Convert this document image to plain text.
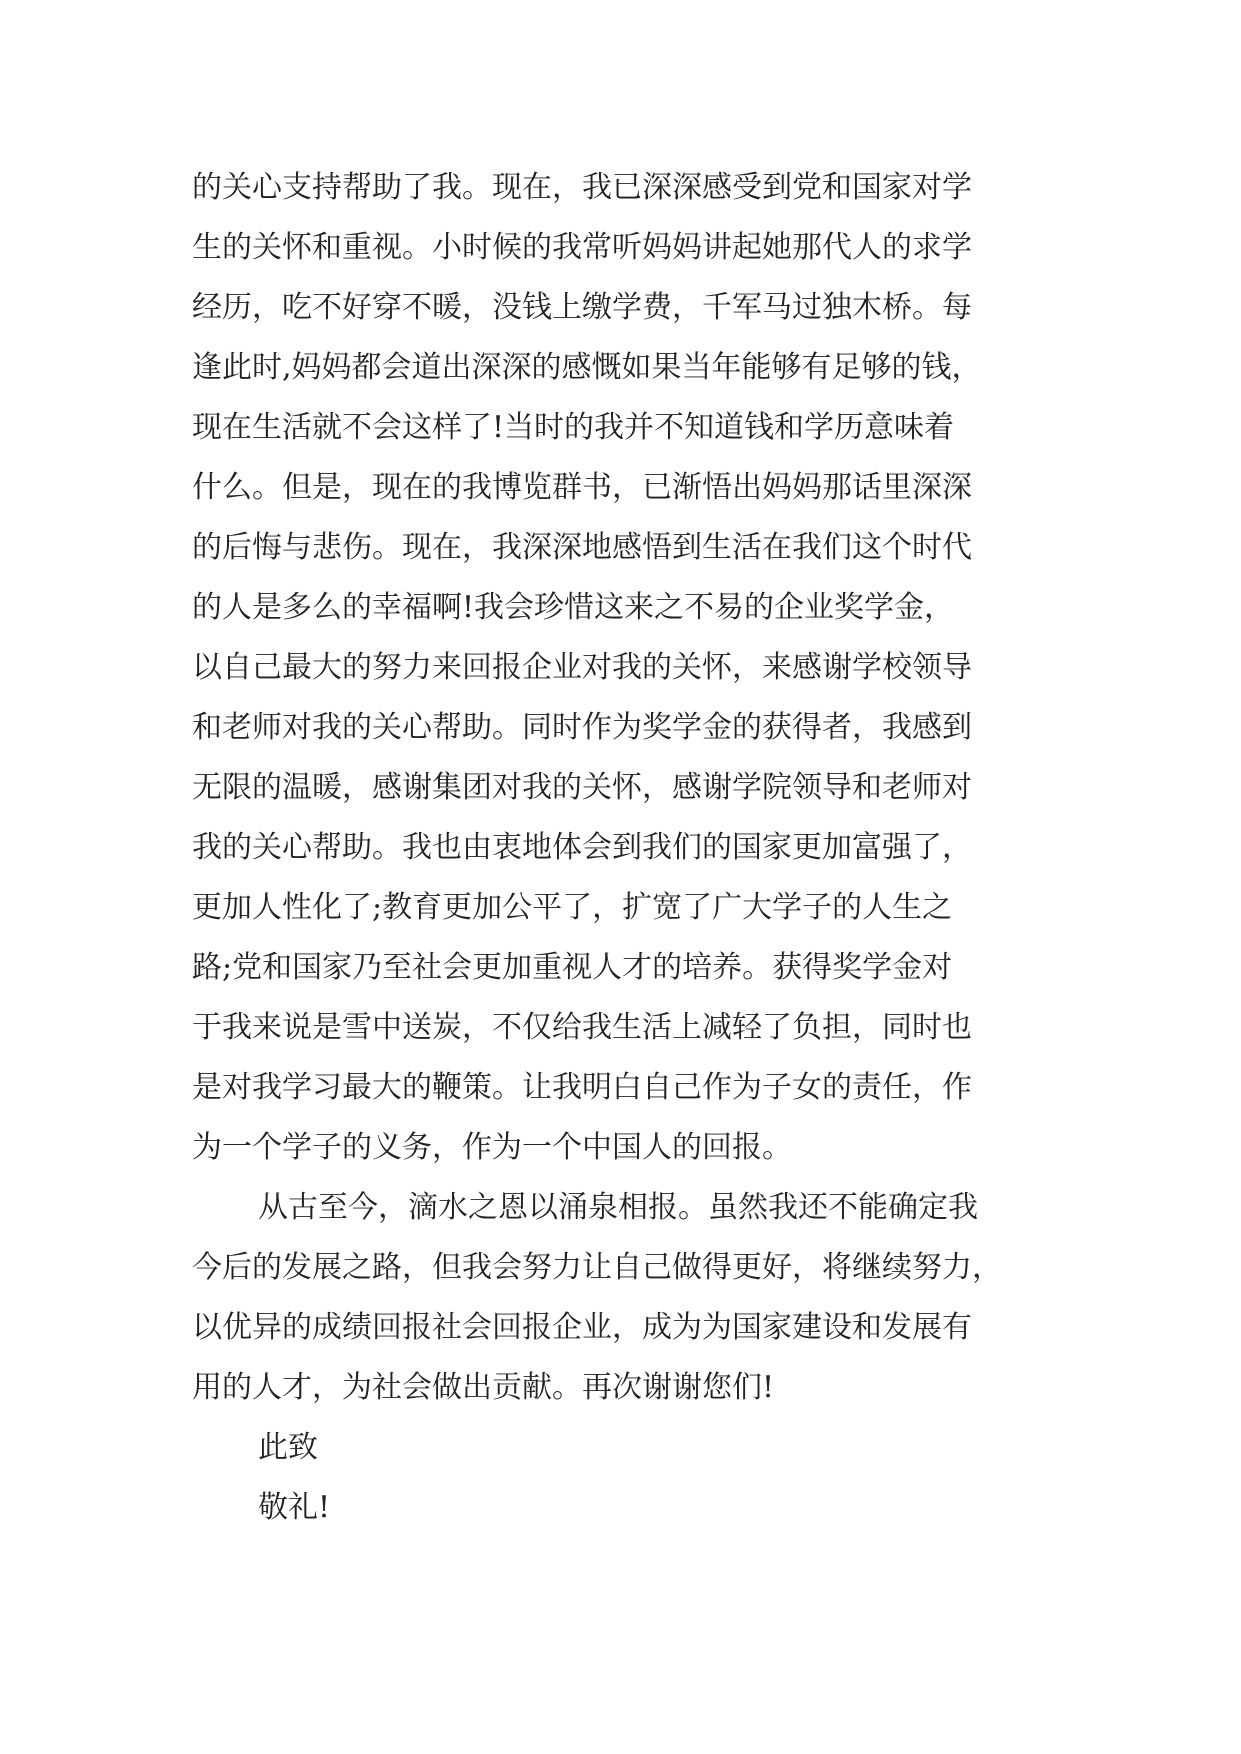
的关心支持帮助了我。现在，我已深深感受到党和国家对学
生的关怀和重视。小时候的我常听妈妈讲起她那代人的求学
经历，吃不好穿不暖，没钱上缴学费，千军马过独木桥。每
逢此时,妈妈都会道出深深的感慨如果当年能够有足够的钱，
现在生活就不会这样了!当时的我并不知道钱和学历意味着
什么。但是，现在的我博览群书，已渐悟出妈妈那话里深深
的后悔与悲伤。现在，我深深地感悟到生活在我们这个时代
的人是多么的幸福啊!我会珍惜这来之不易的企业奖学金，
以自己最大的努力来回报企业对我的关怀，来感谢学校领导
和老师对我的关心帮助。同时作为奖学金的获得者，我感到
无限的温暖，感谢集团对我的关怀，感谢学院领导和老师对
我的关心帮助。我也由衷地体会到我们的国家更加富强了，
更加人性化了;教育更加公平了，扩宽了广大学子的人生之
路;党和国家乃至社会更加重视人才的培养。获得奖学金对
于我来说是雪中送炭，不仅给我生活上减轻了负担，同时也
是对我学习最大的鞭策。让我明白自己作为子女的责任，作
为一个学子的义务，作为一个中国人的回报。
从古至今，滴水之恩以涌泉相报。虽然我还不能确定我
今后的发展之路，但我会努力让自己做得更好，将继续努力，
以优异的成绩回报社会回报企业，成为为国家建设和发展有
用的人才，为社会做出贡献。再次谢谢您们!
此致
敬礼!
